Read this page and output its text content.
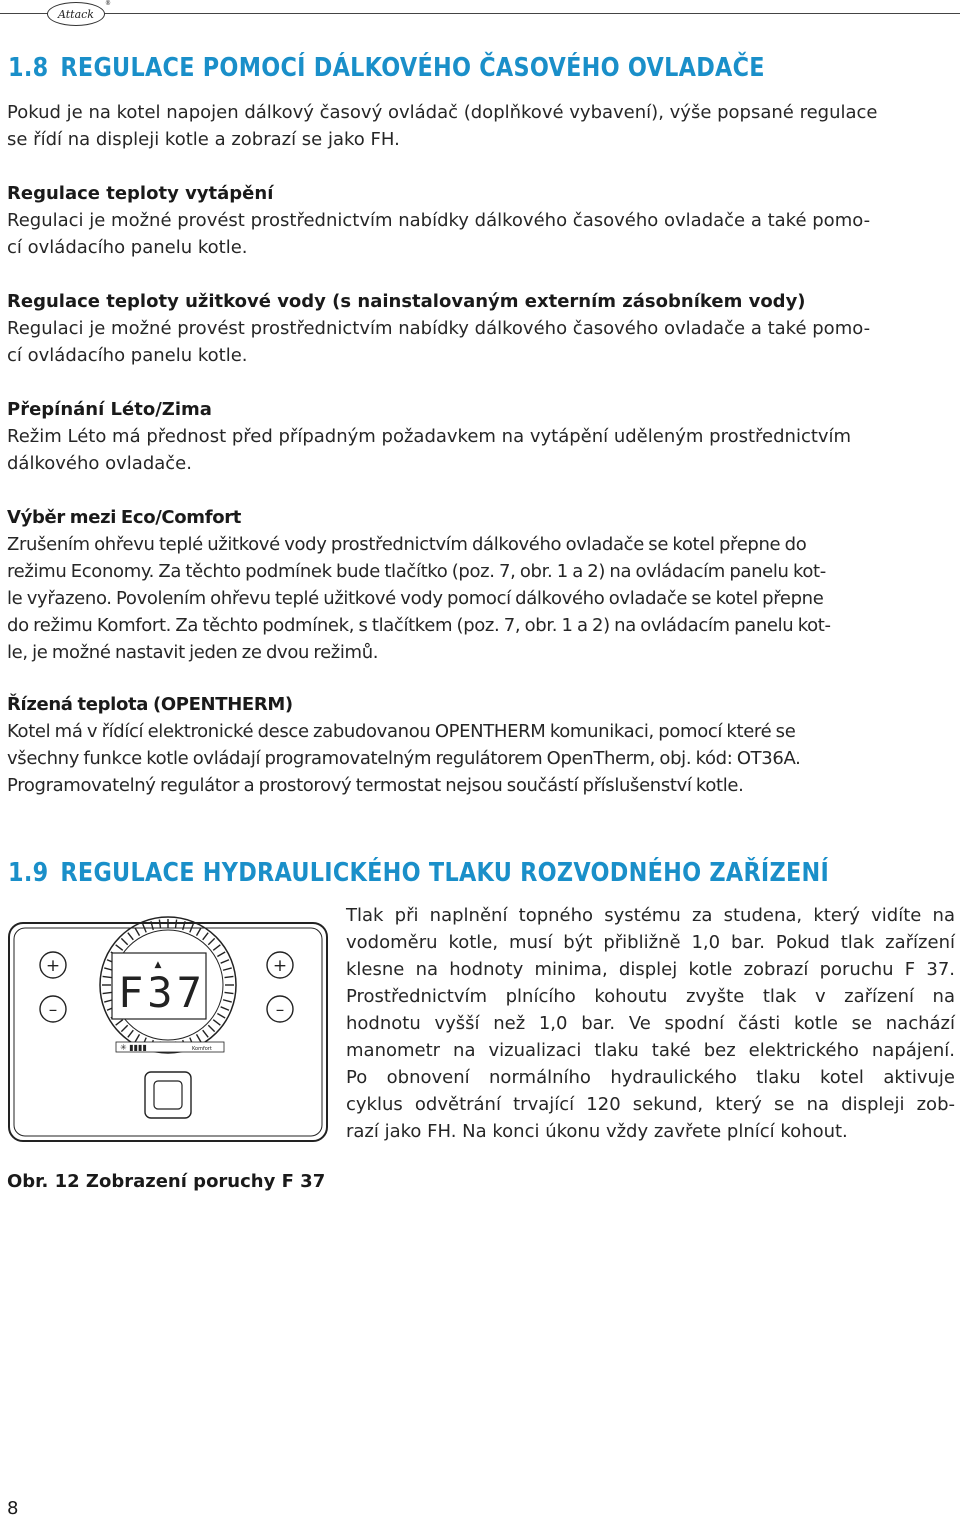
Attack
®
1.8 REGULACE POMOCÍ DÁLKOVÉHO ČASOVÉHO OVLADAČE

Pokud je na kotel napojen dálkový časový ovládač (doplňkové vybavení), výše popsané regulace
se řídí na displeji kotle a zobrazí se jako FH.

Regulace teploty vytápění

Regulaci je možné provést prostřednictvím nabídky dálkového časového ovladače a také pomo-
cí ovládacího panelu kotle.

Regulace teploty užitkové vody (s nainstalovaným externím zásobníkem vody)

Regulaci je možné provést prostřednictvím nabídky dálkového časového ovladače a také pomo-
cí ovládacího panelu kotle.

Přepínání Léto/Zima

Režim Léto má přednost před případným požadavkem na vytápění uděleným prostřednictvím
dálkového ovladače.

Výběr mezi Eco/Comfort

Zrušením ohřevu teplé užitkové vody prostřednictvím dálkového ovladače se kotel přepne do
režimu Economy. Za těchto podmínek bude tlačítko (poz. 7, obr. 1 a 2) na ovládacím panelu kot-
le vyřazeno. Povolením ohřevu teplé užitkové vody pomocí dálkového ovladače se kotel přepne
do režimu Komfort. Za těchto podmínek, s tlačítkem (poz. 7, obr. 1 a 2) na ovládacím panelu kot-
le, je možné nastavit jeden ze dvou režimů.

Řízená teplota (OPENTHERM)

Kotel má v řídící elektronické desce zabudovanou OPENTHERM komunikaci, pomocí které se
všechny funkce kotle ovládají programovatelným regulátorem OpenTherm, obj. kód: OT36A.
Programovatelný regulátor a prostorový termostat nejsou součástí příslušenství kotle.

1.9 REGULACE HYDRAULICKÉHO TLAKU ROZVODNÉHO ZAŘÍZENÍ
▲
F37
✳ ▮▮▮▮	Komfort
+
–
+
–

Tlak při naplnění topného systému za studena, který vidíte na
vodoměru kotle, musí být přibližně 1,0 bar. Pokud tlak zařízení
klesne na hodnoty minima, displej kotle zobrazí poruchu F 37.
Prostřednictvím plnícího kohoutu zvyšte tlak v zařízení na
hodnotu vyšší než 1,0 bar. Ve spodní části kotle se nachází
manometr na vizualizaci tlaku také bez elektrického napájení.
Po obnovení normálního hydraulického tlaku kotel aktivuje
cyklus odvětrání trvající 120 sekund, který se na displeji zob-
razí jako FH. Na konci úkonu vždy zavřete plnící kohout.

Obr. 12 Zobrazení poruchy F 37
8
